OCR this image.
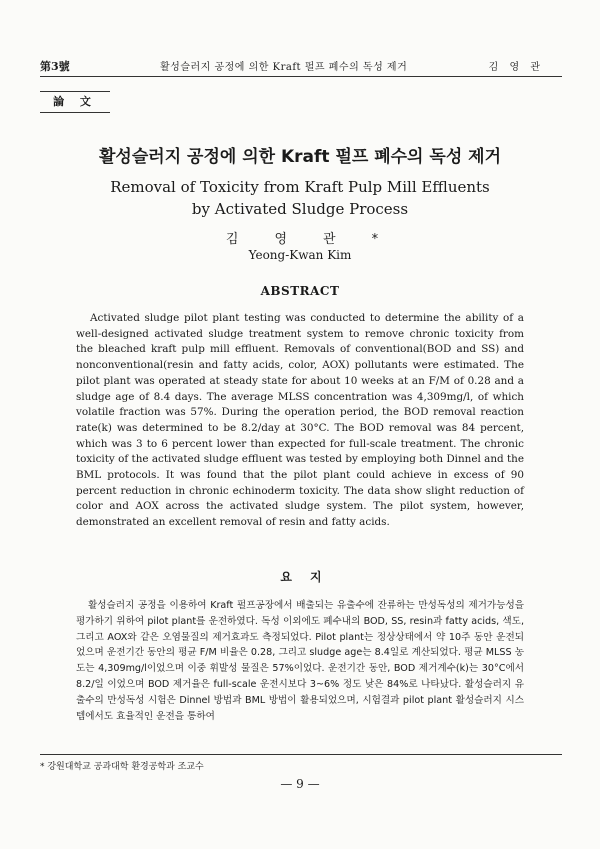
第3號	활성슬러지 공정에 의한 Kraft 펄프 폐수의 독성 제거	김 영 관
論 文
활성슬러지 공정에 의한 Kraft 펄프 폐수의 독성 제거
Removal of Toxicity from Kraft Pulp Mill Effluents
by Activated Sludge Process
김영관*
Yeong-Kwan Kim
ABSTRACT

Activated sludge pilot plant testing was conducted to determine the ability of a well-designed activated sludge treatment system to remove chronic toxicity from the bleached kraft pulp mill effluent. Removals of conventional(BOD and SS) and nonconventional(resin and fatty acids, color, AOX) pollutants were estimated. The pilot plant was operated at steady state for about 10 weeks at an F/M of 0.28 and a sludge age of 8.4 days. The average MLSS concentration was 4,309mg/l, of which volatile fraction was 57%. During the operation period, the BOD removal reaction rate(k) was determined to be 8.2/day at 30°C. The BOD removal was 84 percent, which was 3 to 6 percent lower than expected for full-scale treatment. The chronic toxicity of the activated sludge effluent was tested by employing both Dinnel and the BML protocols. It was found that the pilot plant could achieve in excess of 90 percent reduction in chronic echinoderm toxicity. The data show slight reduction of color and AOX across the activated sludge system. The pilot system, however, demonstrated an excellent removal of resin and fatty acids.

요지

활성슬러지 공정을 이용하여 Kraft 펄프공장에서 배출되는 유출수에 잔류하는 만성독성의 제거가능성을 평가하기 위하여 pilot plant를 운전하였다. 독성 이외에도 폐수내의 BOD, SS, resin과 fatty acids, 색도, 그리고 AOX와 같은 오염물질의 제거효과도 측정되었다. Pilot plant는 정상상태에서 약 10주 동안 운전되었으며 운전기간 동안의 평균 F/M 비율은 0.28, 그리고 sludge age는 8.4일로 계산되었다. 평균 MLSS 농도는 4,309mg/l이었으며 이중 휘발성 물질은 57%이었다. 운전기간 동안, BOD 제거계수(k)는 30°C에서 8.2/일 이었으며 BOD 제거율은 full-scale 운전시보다 3~6% 정도 낮은 84%로 나타났다. 활성슬러지 유출수의 만성독성 시험은 Dinnel 방법과 BML 방법이 활용되었으며, 시험결과 pilot plant 활성슬러지 시스템에서도 효율적인 운전을 통하여

* 강원대학교 공과대학 환경공학과 조교수
— 9 —
